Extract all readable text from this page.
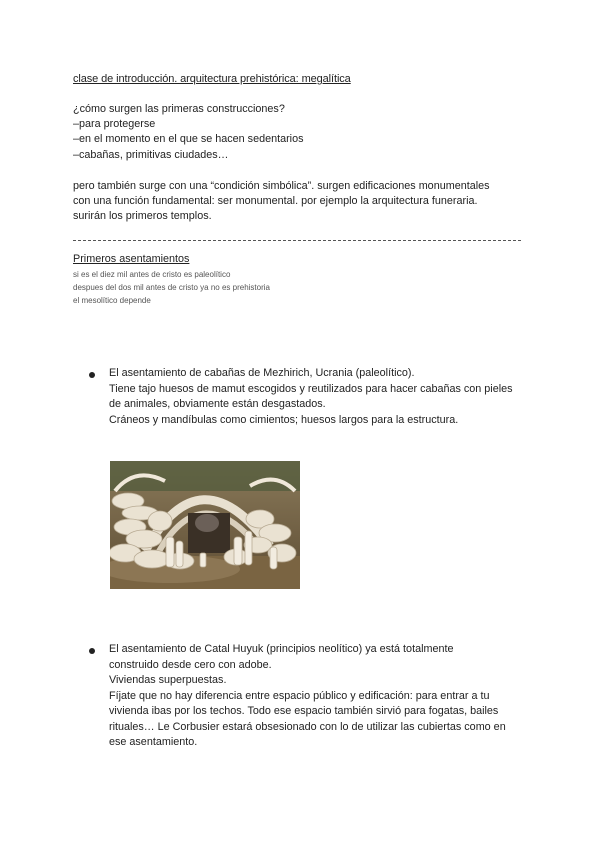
clase de introducción. arquitectura prehistórica: megalítica
¿cómo surgen las primeras construcciones?
–para protegerse
–en el momento en el que se hacen sedentarios
–cabañas, primitivas ciudades…
pero también surge con una “condición simbólica”. surgen edificaciones monumentales
con una función fundamental: ser monumental. por ejemplo la arquitectura funeraria.
surirán los primeros templos.
Primeros asentamientos
si es el diez mil antes de cristo es paleolítico
despues del dos mil antes de cristo ya no es prehistoria
el mesolítico depende
El asentamiento de cabañas de Mezhirich, Ucrania (paleolítico).
Tiene tajo huesos de mamut escogidos y reutilizados para hacer cabañas con pieles
de animales, obviamente están desgastados.
Cráneos y mandíbulas como cimientos; huesos largos para la estructura.
El asentamiento de Catal Huyuk (principios neolítico) ya está totalmente
construido desde cero con adobe.
Viviendas superpuestas.
Fíjate que no hay diferencia entre espacio público y edificación: para entrar a tu
vivienda ibas por los techos. Todo ese espacio también sirvió para fogatas, bailes
rituales… Le Corbusier estará obsesionado con lo de utilizar las cubiertas como en
ese asentamiento.
